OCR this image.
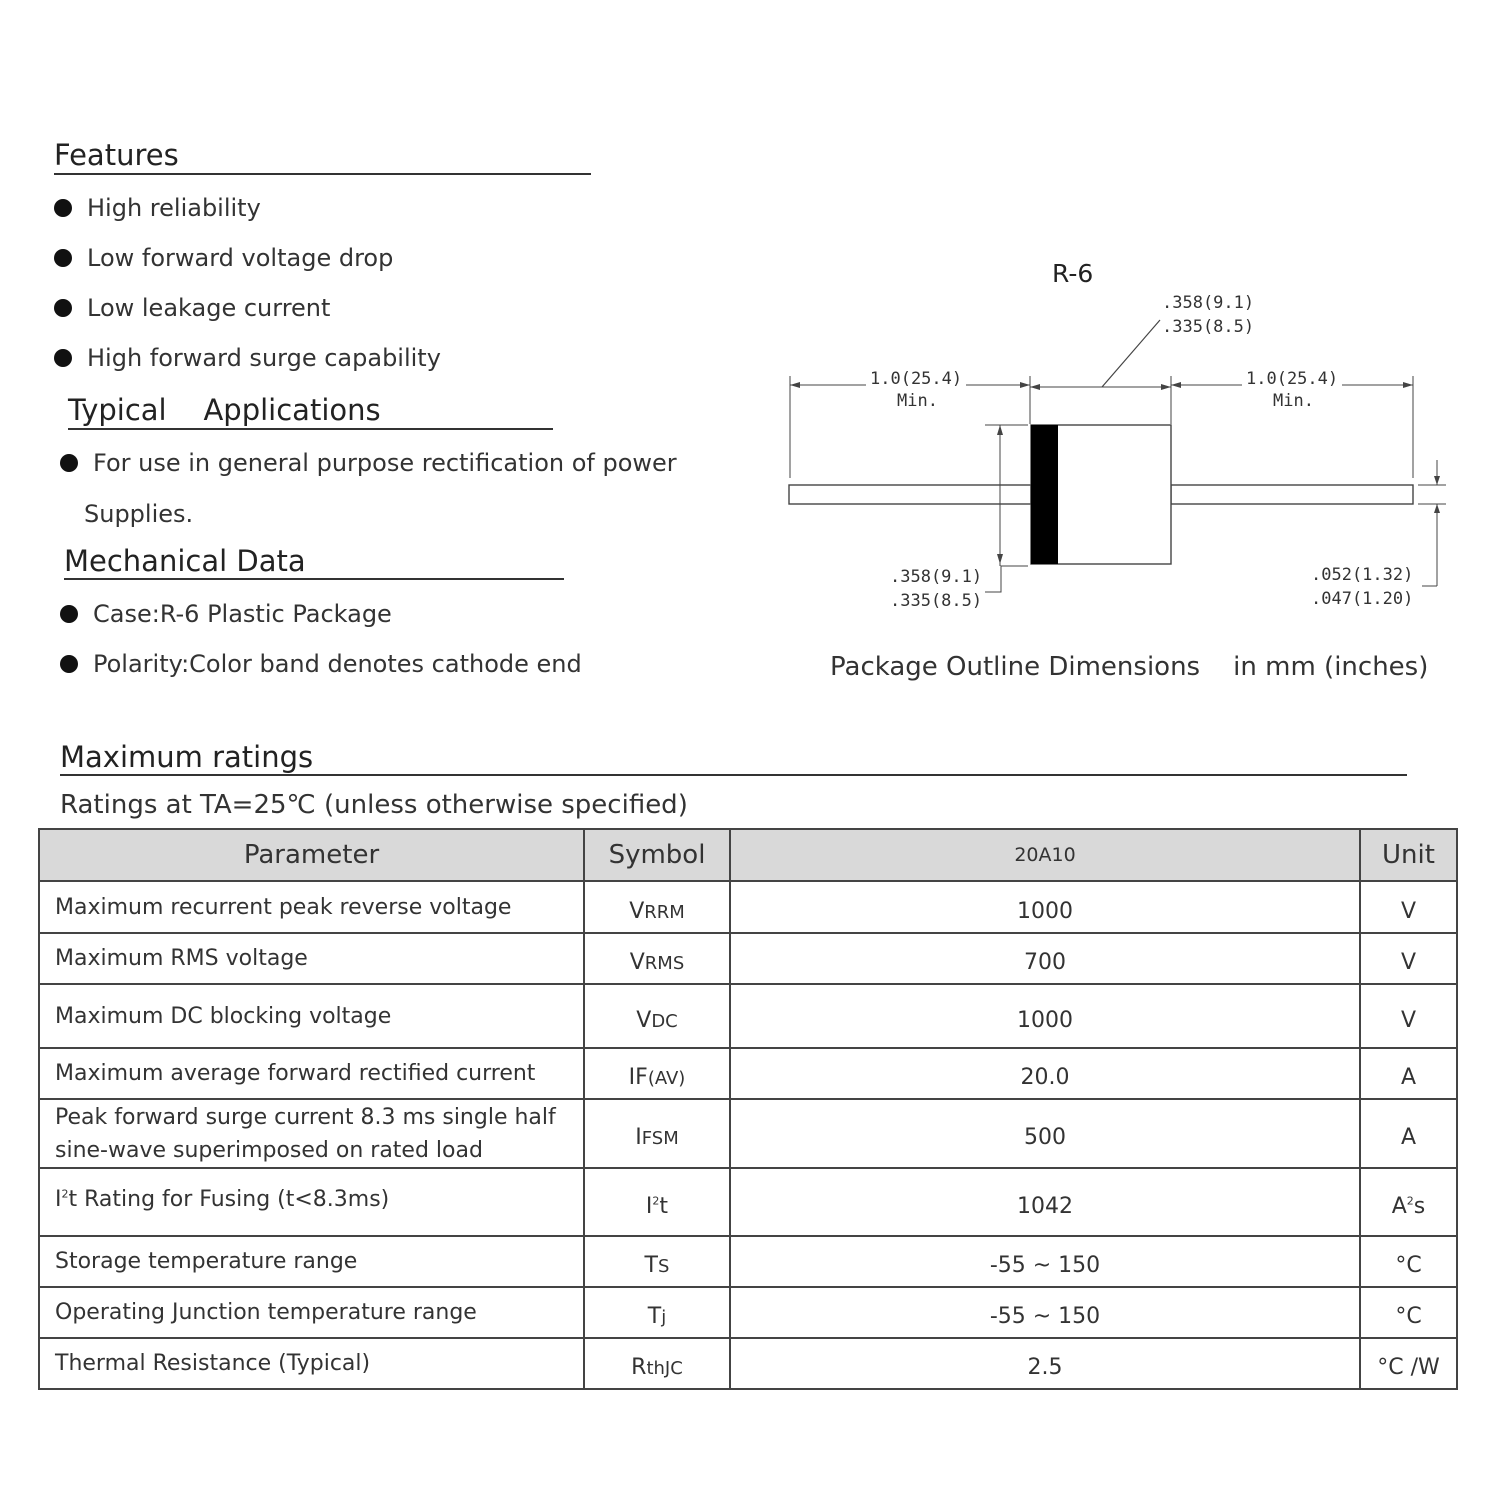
Features
High reliability
Low forward voltage drop
Low leakage current
High forward surge capability
Typical    Applications
For use in general purpose rectification of power
Supplies.
Mechanical Data
Case:R-6 Plastic Package
Polarity:Color band denotes cathode end
R-6
.358(9.1)
.335(8.5)
1.0(25.4)
Min.
1.0(25.4)
Min.
.358(9.1)
.335(8.5)
.052(1.32)
.047(1.20)
Package Outline Dimensions    in mm (inches)
Maximum ratings
Ratings at TA=25℃ (unless otherwise specified)
Parameter	Symbol	20A10	Unit
Maximum recurrent peak reverse voltage	VRRM	1000	V
Maximum RMS voltage	VRMS	700	V
Maximum DC blocking voltage	VDC	1000	V
Maximum average forward rectified current	IF(AV)	20.0	A

Peak forward surge current 8.3 ms single half
sine-wave superimposed on rated load	IFSM	500	A
$I^2t$ Rating for Fusing (t<8.3ms)	$I^2t$	1042	$A^2s$
Storage temperature range	TS	-55 ~ 150	°C
Operating Junction temperature range	Tj	-55 ~ 150	°C
Thermal Resistance (Typical)	RthJC	2.5	°C /W
